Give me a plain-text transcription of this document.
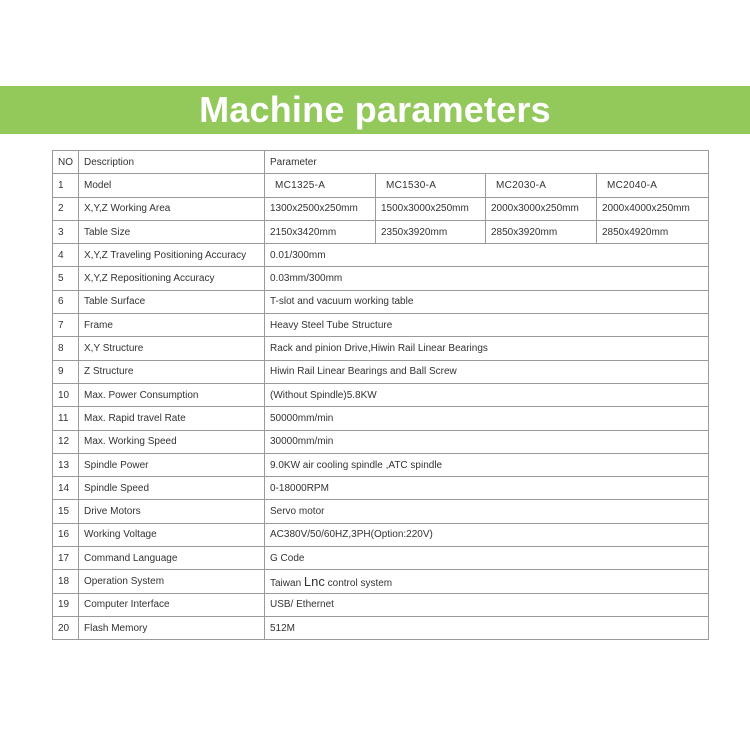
Machine parameters
NO	Description	Parameter			
1	Model	MC1325-A	MC1530-A	MC2030-A	MC2040-A
2	X,Y,Z Working Area	1300x2500x250mm	1500x3000x250mm	2000x3000x250mm	2000x4000x250mm
3	Table Size	2150x3420mm	2350x3920mm	2850x3920mm	2850x4920mm
4	X,Y,Z Traveling Positioning Accuracy	0.01/300mm			
5	X,Y,Z Repositioning Accuracy	0.03mm/300mm			
6	Table Surface	T-slot and vacuum working table			
7	Frame	Heavy Steel Tube Structure			
8	X,Y Structure	Rack and pinion Drive,Hiwin Rail Linear Bearings			
9	Z Structure	Hiwin Rail Linear Bearings and Ball Screw			
10	Max. Power Consumption	(Without Spindle)5.8KW			
11	Max. Rapid travel Rate	50000mm/min			
12	Max. Working Speed	30000mm/min			
13	Spindle Power	9.0KW air cooling spindle ,ATC spindle			
14	Spindle Speed	0-18000RPM			
15	Drive Motors	Servo motor			
16	Working Voltage	AC380V/50/60HZ,3PH(Option:220V)			
17	Command Language	G Code			
18	Operation System	Taiwan Lnc control system			
19	Computer Interface	USB/ Ethernet			
20	Flash Memory	512M			
